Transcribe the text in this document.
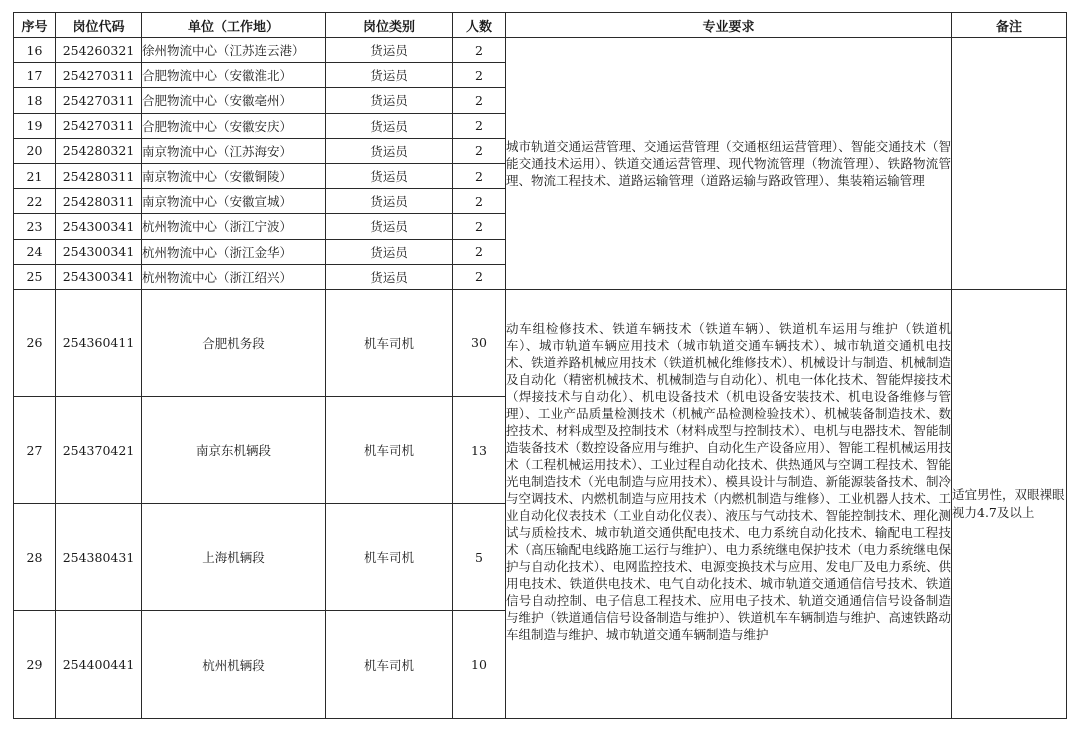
序号	岗位代码	单位（工作地）	岗位类别	人数	专业要求	备注
16	254260321	徐州物流中心（江苏连云港）	货运员	2	城市轨道交通运营管理、交通运营管理（交通枢纽运营管理）、智能交通技术（智能交通技术运用）、铁道交通运营管理、现代物流管理（物流管理）、铁路物流管理、物流工程技术、道路运输管理（道路运输与路政管理）、集装箱运输管理	
17	254270311	合肥物流中心（安徽淮北）	货运员	2		
18	254270311	合肥物流中心（安徽亳州）	货运员	2		
19	254270311	合肥物流中心（安徽安庆）	货运员	2		
20	254280321	南京物流中心（江苏海安）	货运员	2		
21	254280311	南京物流中心（安徽铜陵）	货运员	2		
22	254280311	南京物流中心（安徽宣城）	货运员	2		
23	254300341	杭州物流中心（浙江宁波）	货运员	2		
24	254300341	杭州物流中心（浙江金华）	货运员	2		
25	254300341	杭州物流中心（浙江绍兴）	货运员	2		
26	254360411	合肥机务段	机车司机	30	动车组检修技术、铁道车辆技术（铁道车辆）、铁道机车运用与维护（铁道机车）、城市轨道车辆应用技术（城市轨道交通车辆技术）、城市轨道交通机电技术、铁道养路机械应用技术（铁道机械化维修技术）、机械设计与制造、机械制造及自动化（精密机械技术、机械制造与自动化）、机电一体化技术、智能焊接技术（焊接技术与自动化）、机电设备技术（机电设备安装技术、机电设备维修与管理）、工业产品质量检测技术（机械产品检测检验技术）、机械装备制造技术、数控技术、材料成型及控制技术（材料成型与控制技术）、电机与电器技术、智能制造装备技术（数控设备应用与维护、自动化生产设备应用）、智能工程机械运用技术（工程机械运用技术）、工业过程自动化技术、供热通风与空调工程技术、智能光电制造技术（光电制造与应用技术）、模具设计与制造、新能源装备技术、制冷与空调技术、内燃机制造与应用技术（内燃机制造与维修）、工业机器人技术、工业自动化仪表技术（工业自动化仪表）、液压与气动技术、智能控制技术、理化测试与质检技术、城市轨道交通供配电技术、电力系统自动化技术、输配电工程技术（高压输配电线路施工运行与维护）、电力系统继电保护技术（电力系统继电保护与自动化技术）、电网监控技术、电源变换技术与应用、发电厂及电力系统、供用电技术、铁道供电技术、电气自动化技术、城市轨道交通通信信号技术、铁道信号自动控制、电子信息工程技术、应用电子技术、轨道交通通信信号设备制造与维护（铁道通信信号设备制造与维护）、铁道机车车辆制造与维护、高速铁路动车组制造与维护、城市轨道交通车辆制造与维护	适宜男性，双眼裸眼视力4.7及以上
27	254370421	南京东机辆段	机车司机	13		
28	254380431	上海机辆段	机车司机	5		
29	254400441	杭州机辆段	机车司机	10		
